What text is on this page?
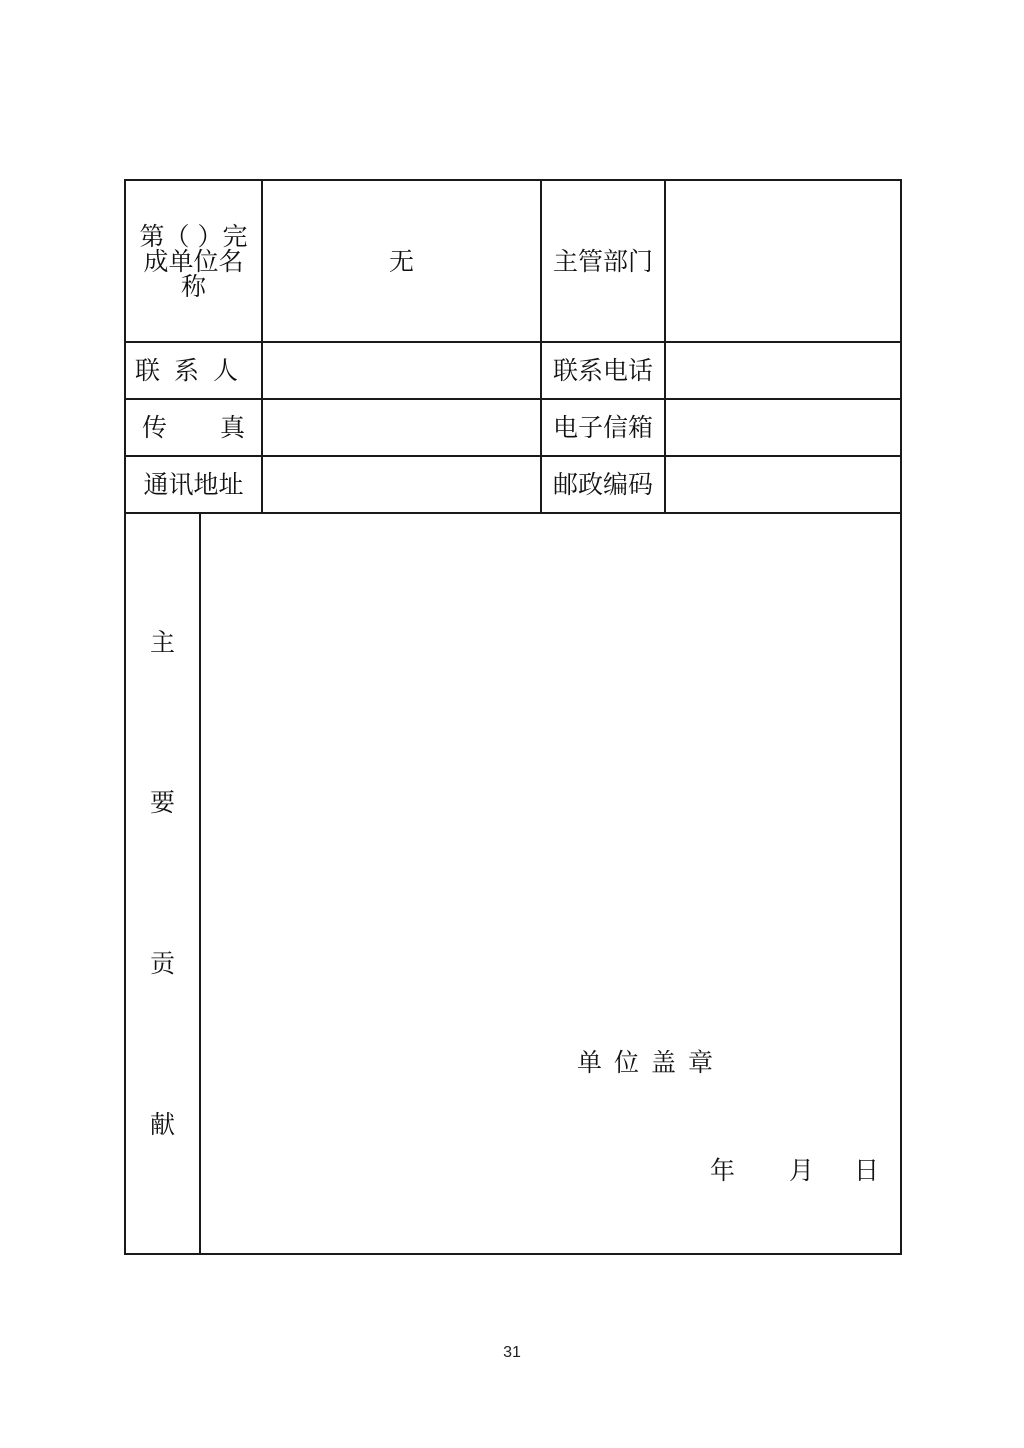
第（ ）完
成单位名
称		无	主管部门	
联系人			联系电话	

传 真			电子信箱	
通讯地址			邮政编码	

主
要
贡
献	单位盖章
年 月 日			
31
